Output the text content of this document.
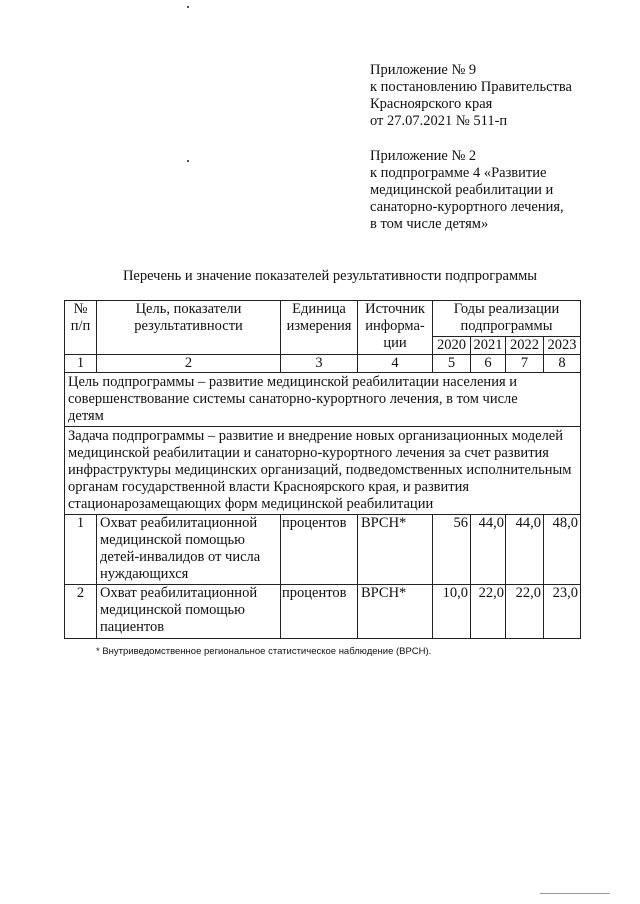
Приложение № 9
к постановлению Правительства
Красноярского края
от 27.07.2021 № 511-п
Приложение № 2
к подпрограмме 4 «Развитие
медицинской реабилитации и
санаторно-курортного лечения,
в том числе детям»
Перечень и значение показателей результативности подпрограммы
№ п/п	Цель, показатели результативности	Единица измерения	Источник информа-ции	Годы реализации подпрограммы			
				2020	2021	2022	2023
1	2	3	4	5	6	7	8
Цель подпрограммы – развитие медицинской реабилитации населения и совершенствование системы санаторно-курортного лечения, в том числе детям							
Задача подпрограммы – развитие и внедрение новых организационных моделей медицинской реабилитации и санаторно-курортного лечения за счет развития инфраструктуры медицинских организаций, подведомственных исполнительным органам государственной власти Красноярского края, и развития стационарозамещающих форм медицинской реабилитации							
1	Охват реабилитационной медицинской помощью детей-инвалидов от числа нуждающихся	процентов	ВРСН*	56	44,0	44,0	48,0
2	Охват реабилитационной медицинской помощью пациентов	процентов	ВРСН*	10,0	22,0	22,0	23,0
* Внутриведомственное региональное статистическое наблюдение (ВРСН).
